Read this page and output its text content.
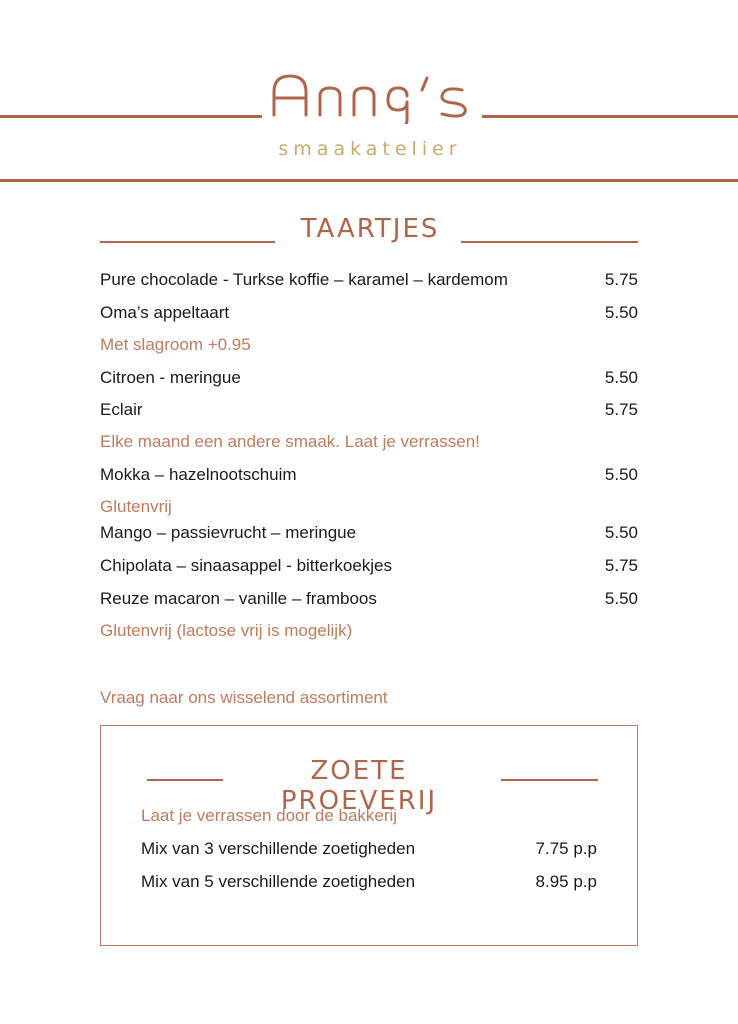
smaakatelier
TAARTJES
Pure chocolade - Turkse koffie – karamel – kardemom	5.75
Oma’s appeltaart	5.50
Met slagroom +0.95
Citroen - meringue	5.50
Eclair	5.75
Elke maand een andere smaak. Laat je verrassen!
Mokka – hazelnootschuim	5.50
Glutenvrij
Mango – passievrucht – meringue	5.50
Chipolata – sinaasappel - bitterkoekjes	5.75
Reuze macaron – vanille – framboos	5.50
Glutenvrij (lactose vrij is mogelijk)
Vraag naar ons wisselend assortiment
ZOETE PROEVERIJ
Laat je verrassen door de bakkerij
Mix van 3 verschillende zoetigheden	7.75 p.p
Mix van 5 verschillende zoetigheden	8.95 p.p
